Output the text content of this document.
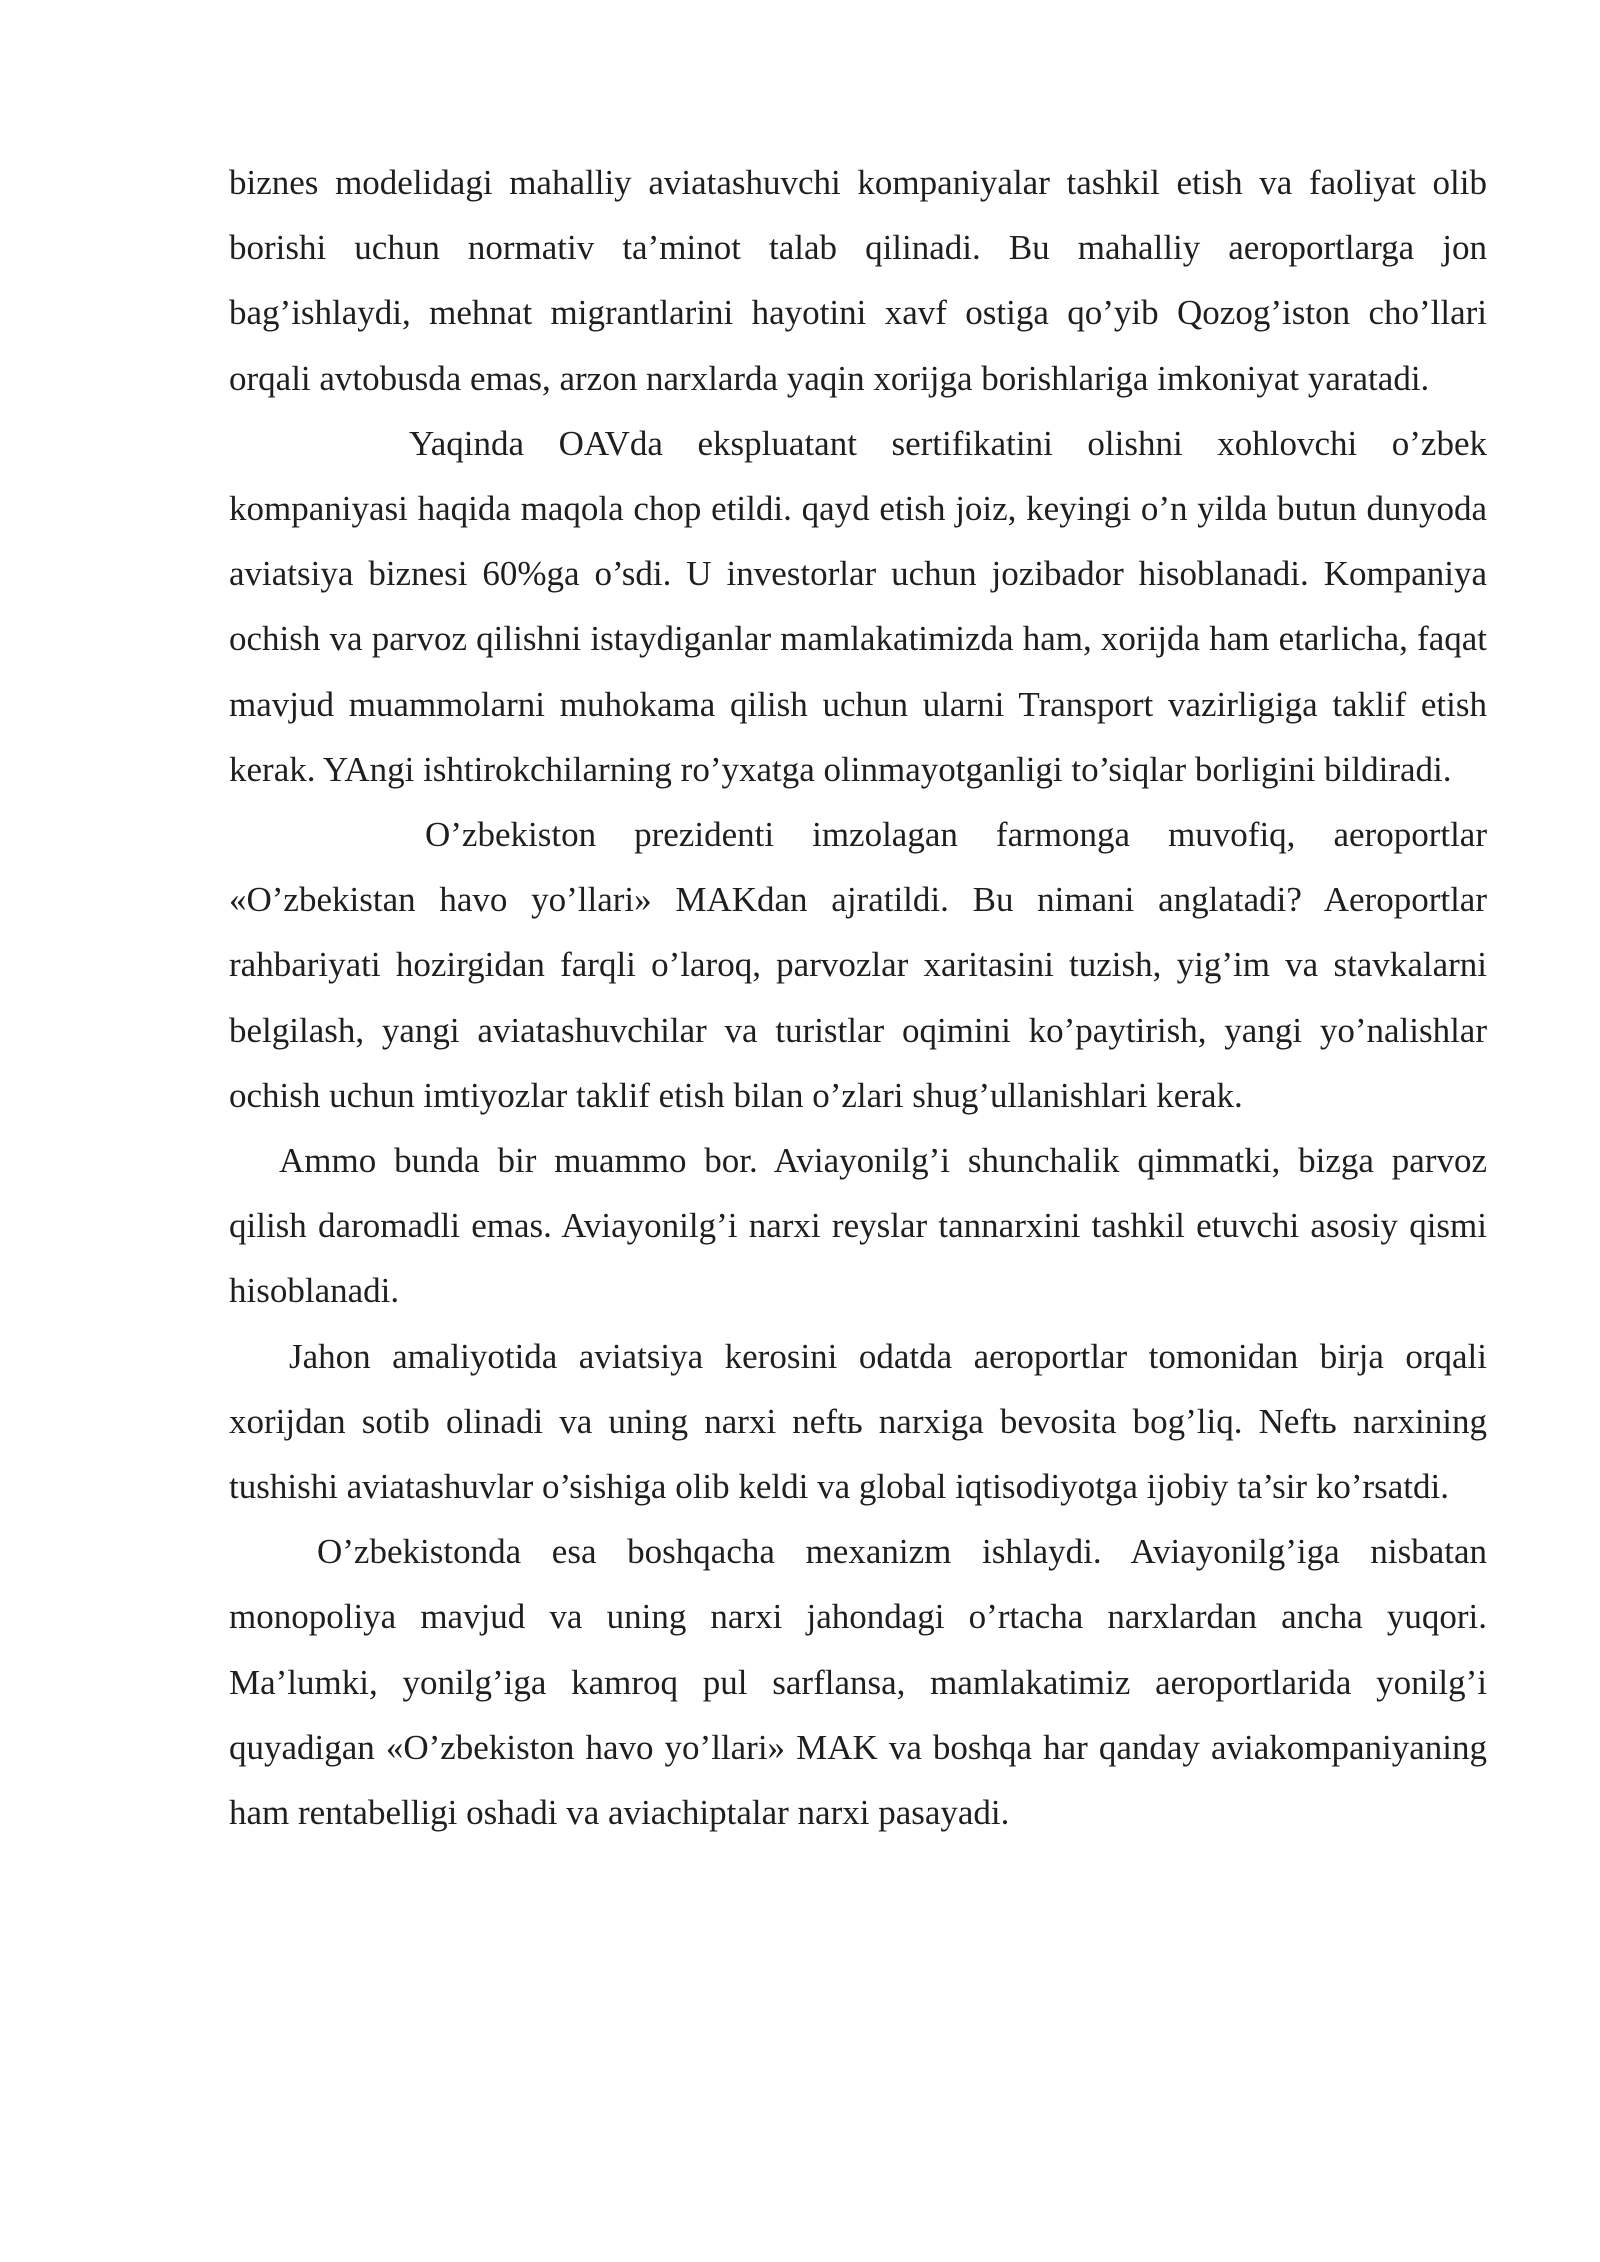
biznes modelidagi mahalliy aviatashuvchi kompaniyalar tashkil etish va faoliyat olib borishi uchun normativ ta’minot talab qilinadi. Bu mahalliy aeroportlarga jon bag’ishlaydi, mehnat migrantlarini hayotini xavf ostiga qo’yib Qozog’iston cho’llari orqali avtobusda emas, arzon narxlarda yaqin xorijga borishlariga imkoniyat yaratadi.

Yaqinda OAVda ekspluatant sertifikatini olishni xohlovchi o’zbek kompaniyasi haqida maqola chop etildi. qayd etish joiz, keyingi o’n yilda butun dunyoda aviatsiya biznesi 60%ga o’sdi. U investorlar uchun jozibador hisoblanadi. Kompaniya ochish va parvoz qilishni istaydiganlar mamlakatimizda ham, xorijda ham etarlicha, faqat mavjud muammolarni muhokama qilish uchun ularni Transport vazirligiga taklif etish kerak. YAngi ishtirokchilarning ro’yxatga olinmayotganligi to’siqlar borligini bildiradi.

O’zbekiston prezidenti imzolagan farmonga muvofiq, aeroportlar «O’zbekistan havo yo’llari» MAKdan ajratildi. Bu nimani anglatadi? Aeroportlar rahbariyati hozirgidan farqli o’laroq, parvozlar xaritasini tuzish, yig’im va stavkalarni belgilash, yangi aviatashuvchilar va turistlar oqimini ko’paytirish, yangi yo’nalishlar ochish uchun imtiyozlar taklif etish bilan o’zlari shug’ullanishlari kerak.

Ammo bunda bir muammo bor. Aviayonilg’i shunchalik qimmatki, bizga parvoz qilish daromadli emas. Aviayonilg’i narxi reyslar tannarxini tashkil etuvchi asosiy qismi hisoblanadi.

Jahon amaliyotida aviatsiya kerosini odatda aeroportlar tomonidan birja orqali xorijdan sotib olinadi va uning narxi neftь narxiga bevosita bog’liq. Neftь narxining tushishi aviatashuvlar o’sishiga olib keldi va global iqtisodiyotga ijobiy ta’sir ko’rsatdi.

O’zbekistonda esa boshqacha mexanizm ishlaydi. Aviayonilg’iga nisbatan monopoliya mavjud va uning narxi jahondagi o’rtacha narxlardan ancha yuqori. Ma’lumki, yonilg’iga kamroq pul sarflansa, mamlakatimiz aeroportlarida yonilg’i quyadigan «O’zbekiston havo yo’llari» MAK va boshqa har qanday aviakompaniyaning ham rentabelligi oshadi va aviachiptalar narxi pasayadi.
